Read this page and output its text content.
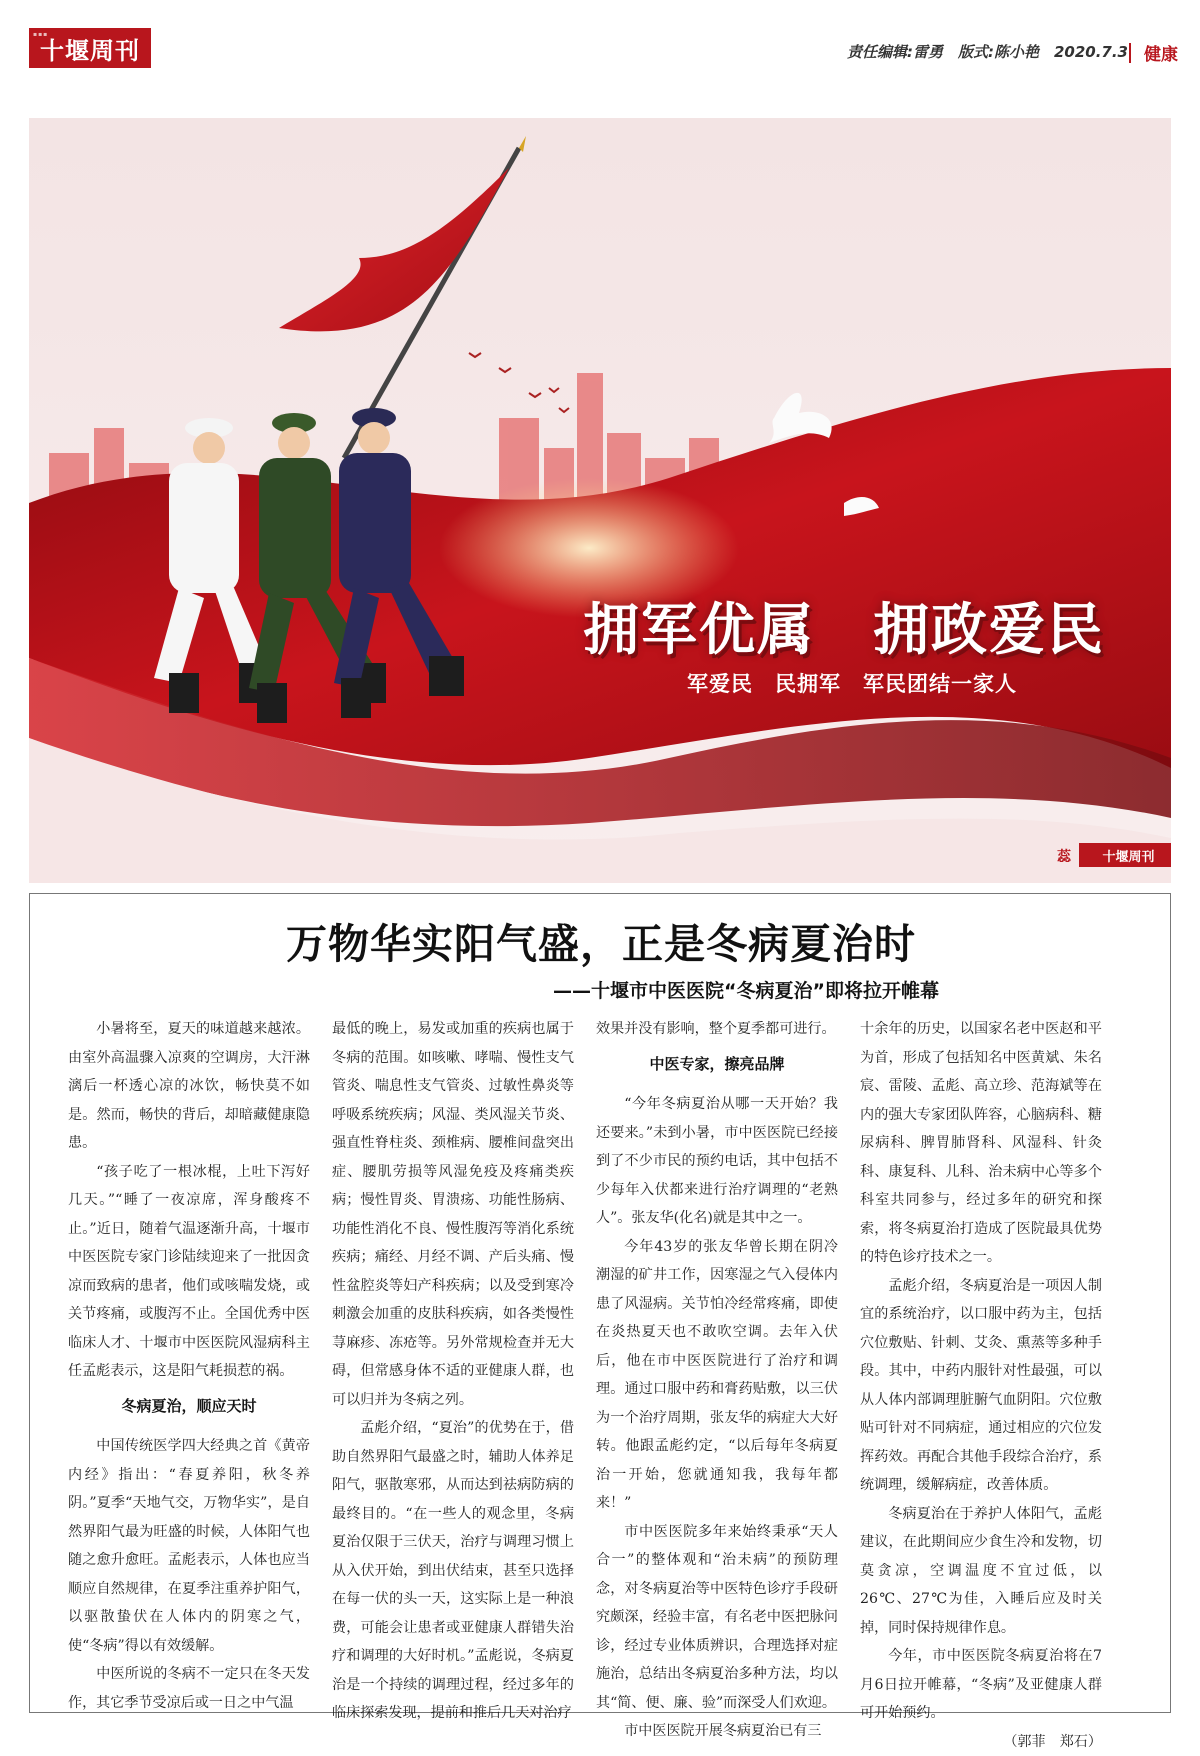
▪▪▪
十堰周刊	责任编辑:雷勇　版式:陈小艳　2020.7.3 健康
拥军优属　拥政爱民
军爱民　民拥军　军民团结一家人
蕊	十堰周刊
万物华实阳气盛，正是冬病夏治时
——十堰市中医医院“冬病夏治”即将拉开帷幕

小暑将至，夏天的味道越来越浓。由室外高温骤入凉爽的空调房，大汗淋漓后一杯透心凉的冰饮，畅快莫不如是。然而，畅快的背后，却暗藏健康隐患。

“孩子吃了一根冰棍，上吐下泻好几天。”“睡了一夜凉席，浑身酸疼不止。”近日，随着气温逐渐升高，十堰市中医医院专家门诊陆续迎来了一批因贪凉而致病的患者，他们或咳喘发烧，或关节疼痛，或腹泻不止。全国优秀中医临床人才、十堰市中医医院风湿病科主任孟彪表示，这是阳气耗损惹的祸。

冬病夏治，顺应天时

中国传统医学四大经典之首《黄帝内经》指出：“春夏养阳，秋冬养阴。”夏季“天地气交，万物华实”，是自然界阳气最为旺盛的时候，人体阳气也随之愈升愈旺。孟彪表示，人体也应当顺应自然规律，在夏季注重养护阳气，以驱散蛰伏在人体内的阴寒之气，使“冬病”得以有效缓解。

中医所说的冬病不一定只在冬天发作，其它季节受凉后或一日之中气温

最低的晚上，易发或加重的疾病也属于冬病的范围。如咳嗽、哮喘、慢性支气管炎、喘息性支气管炎、过敏性鼻炎等呼吸系统疾病；风湿、类风湿关节炎、强直性脊柱炎、颈椎病、腰椎间盘突出症、腰肌劳损等风湿免疫及疼痛类疾病；慢性胃炎、胃溃疡、功能性肠病、功能性消化不良、慢性腹泻等消化系统疾病；痛经、月经不调、产后头痛、慢性盆腔炎等妇产科疾病；以及受到寒冷刺激会加重的皮肤科疾病，如各类慢性荨麻疹、冻疮等。另外常规检查并无大碍，但常感身体不适的亚健康人群，也可以归并为冬病之列。

孟彪介绍，“夏治”的优势在于，借助自然界阳气最盛之时，辅助人体养足阳气，驱散寒邪，从而达到祛病防病的最终目的。“在一些人的观念里，冬病夏治仅限于三伏天，治疗与调理习惯上从入伏开始，到出伏结束，甚至只选择在每一伏的头一天，这实际上是一种浪费，可能会让患者或亚健康人群错失治疗和调理的大好时机。”孟彪说，冬病夏治是一个持续的调理过程，经过多年的临床探索发现，提前和推后几天对治疗

效果并没有影响，整个夏季都可进行。

中医专家，擦亮品牌

“今年冬病夏治从哪一天开始？我还要来。”未到小暑，市中医医院已经接到了不少市民的预约电话，其中包括不少每年入伏都来进行治疗调理的“老熟人”。张友华(化名)就是其中之一。

今年43岁的张友华曾长期在阴冷潮湿的矿井工作，因寒湿之气入侵体内患了风湿病。关节怕冷经常疼痛，即使在炎热夏天也不敢吹空调。去年入伏后，他在市中医医院进行了治疗和调理。通过口服中药和膏药贴敷，以三伏为一个治疗周期，张友华的病症大大好转。他跟孟彪约定，“以后每年冬病夏治一开始，您就通知我，我每年都来！”

市中医医院多年来始终秉承“天人合一”的整体观和“治未病”的预防理念，对冬病夏治等中医特色诊疗手段研究颇深，经验丰富，有名老中医把脉问诊，经过专业体质辨识，合理选择对症施治，总结出冬病夏治多种方法，均以其“简、便、廉、验”而深受人们欢迎。

市中医医院开展冬病夏治已有三

十余年的历史，以国家名老中医赵和平为首，形成了包括知名中医黄斌、朱名宸、雷陵、孟彪、高立珍、范海斌等在内的强大专家团队阵容，心脑病科、糖尿病科、脾胃肺肾科、风湿科、针灸科、康复科、儿科、治未病中心等多个科室共同参与，经过多年的研究和探索，将冬病夏治打造成了医院最具优势的特色诊疗技术之一。

孟彪介绍，冬病夏治是一项因人制宜的系统治疗，以口服中药为主，包括穴位敷贴、针刺、艾灸、熏蒸等多种手段。其中，中药内服针对性最强，可以从人体内部调理脏腑气血阴阳。穴位敷贴可针对不同病症，通过相应的穴位发挥药效。再配合其他手段综合治疗，系统调理，缓解病症，改善体质。

冬病夏治在于养护人体阳气，孟彪建议，在此期间应少食生冷和发物，切莫贪凉，空调温度不宜过低，以26℃、27℃为佳，入睡后应及时关掉，同时保持规律作息。

今年，市中医医院冬病夏治将在7月6日拉开帷幕，“冬病”及亚健康人群可开始预约。

（郭菲　郑石）
